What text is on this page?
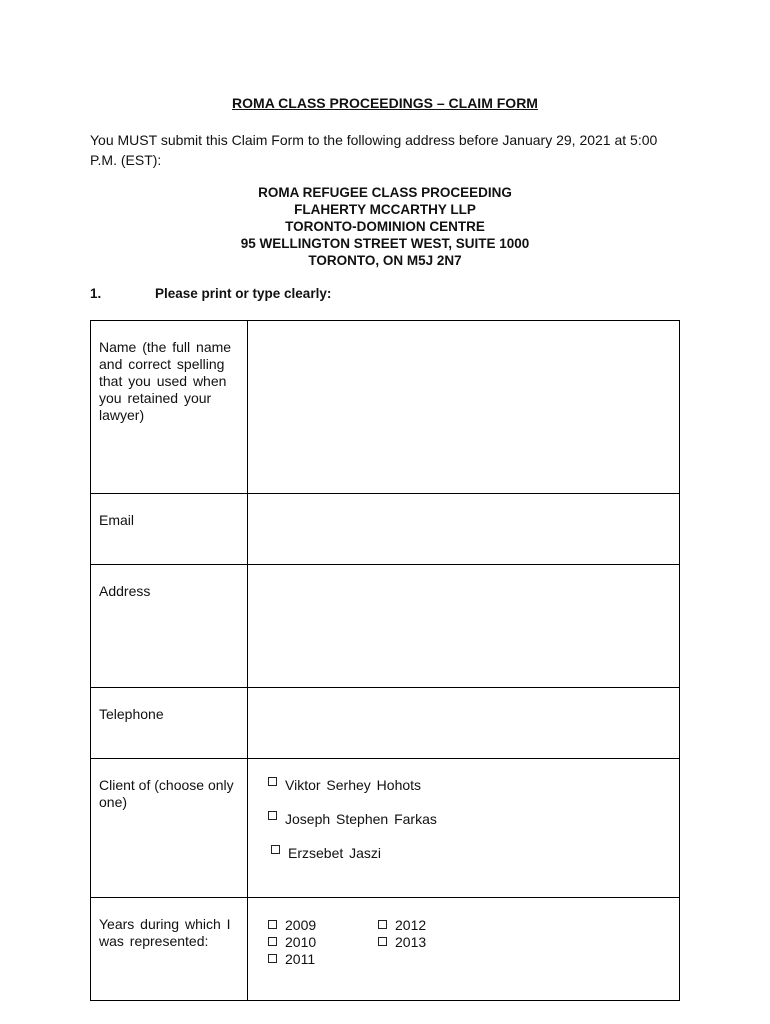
ROMA CLASS PROCEEDINGS – CLAIM FORM
You MUST submit this Claim Form to the following address before January 29, 2021 at 5:00 P.M. (EST):
ROMA REFUGEE CLASS PROCEEDING
FLAHERTY MCCARTHY LLP
TORONTO-DOMINION CENTRE
95 WELLINGTON STREET WEST, SUITE 1000
TORONTO, ON M5J 2N7
1.	Please print or type clearly:
Name (the full name and correct spelling that you used when you retained your lawyer)	

Email	

Address	

Telephone	

Client of (choose only one)	Viktor Serhey Hohots
Joseph Stephen Farkas
Erzsebet Jaszi

Years during which I was represented:	2009 2012
2010 2013
2011
